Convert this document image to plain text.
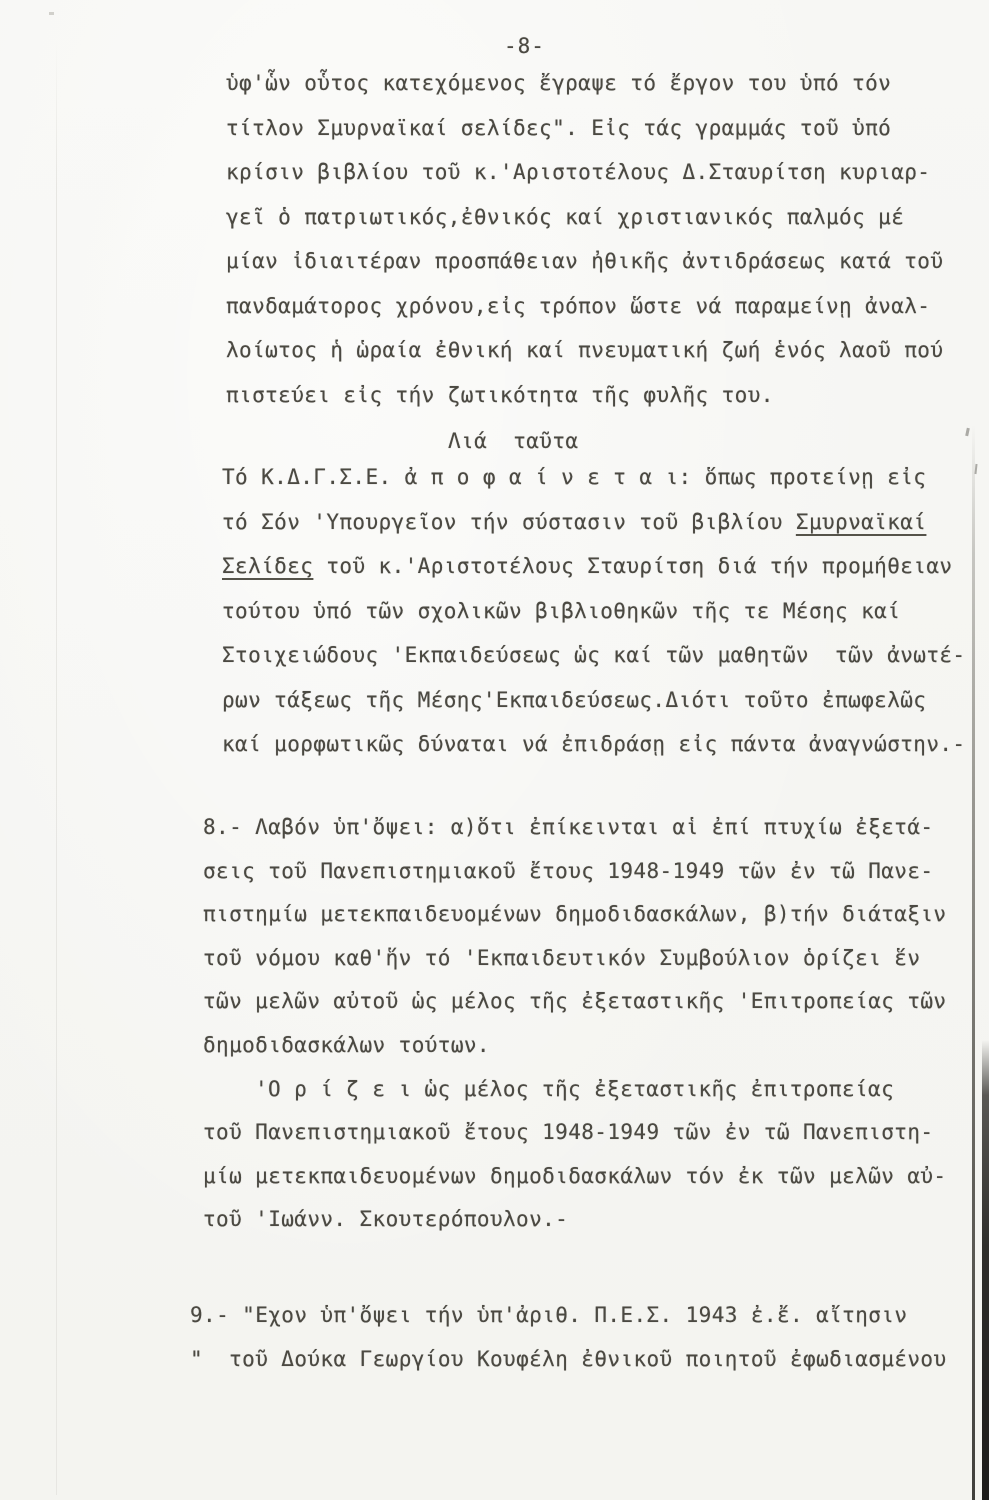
-8-
ὑφ'ὧν οὗτος κατεχόμενος ἔγραψε τό ἔργον του ὑπό τόν
τίτλον Σμυρναϊκαί σελίδες". Εἰς τάς γραμμάς τοῦ ὑπό
κρίσιν βιβλίου τοῦ κ.'Αριστοτέλους Δ.Σταυρίτση κυριαρ-
γεῖ ὁ πατριωτικός,ἐθνικός καί χριστιανικός παλμός μέ
μίαν ἰδιαιτέραν προσπάθειαν ἠθικῆς ἀντιδράσεως κατά τοῦ
πανδαμάτορος χρόνου,εἰς τρόπον ὥστε νά παραμείνῃ ἀναλ-
λοίωτος ἡ ὡραία ἐθνική καί πνευματική ζωή ἑνός λαοῦ πού
πιστεύει εἰς τήν ζωτικότητα τῆς φυλῆς του.
Λιά  ταῦτα
Τό Κ.Δ.Γ.Σ.Ε. ἀ π ο φ α ί ν ε τ α ι: ὅπως προτείνῃ εἰς
τό Σόν 'Υπουργεῖον τήν σύστασιν τοῦ βιβλίου Σμυρναϊκαί
Σελίδες τοῦ κ.'Αριστοτέλους Σταυρίτση διά τήν προμήθειαν
τούτου ὑπό τῶν σχολικῶν βιβλιοθηκῶν τῆς τε Μέσης καί
Στοιχειώδους 'Εκπαιδεύσεως ὡς καί τῶν μαθητῶν  τῶν ἀνωτέ-
ρων τάξεως τῆς Μέσης'Εκπαιδεύσεως.Διότι τοῦτο ἐπωφελῶς
καί μορφωτικῶς δύναται νά ἐπιδράσῃ εἰς πάντα ἀναγνώστην.-
8.- Λαβόν ὑπ'ὄψει: α)ὅτι ἐπίκεινται αἱ ἐπί πτυχίω ἐξετά-
σεις τοῦ Πανεπιστημιακοῦ ἔτους 1948-1949 τῶν ἐν τῶ Πανε-
πιστημίω μετεκπαιδευομένων δημοδιδασκάλων, β)τήν διάταξιν
τοῦ νόμου καθ'ἥν τό 'Εκπαιδευτικόν Συμβούλιον ὁρίζει ἕν
τῶν μελῶν αὐτοῦ ὡς μέλος τῆς ἐξεταστικῆς 'Επιτροπείας τῶν
δημοδιδασκάλων τούτων.
'Ο ρ ί ζ ε ι ὡς μέλος τῆς ἐξεταστικῆς ἐπιτροπείας
τοῦ Πανεπιστημιακοῦ ἔτους 1948-1949 τῶν ἐν τῶ Πανεπιστη-
μίω μετεκπαιδευομένων δημοδιδασκάλων τόν ἐκ τῶν μελῶν αὐ-
τοῦ 'Ιωάνν. Σκουτερόπουλον.-
9.- "Εχον ὑπ'ὄψει τήν ὑπ'ἀριθ. Π.Ε.Σ. 1943 ἐ.ἔ. αἴτησιν
"  τοῦ Δούκα Γεωργίου Κουφέλη ἐθνικοῦ ποιητοῦ ἐφωδιασμένου
